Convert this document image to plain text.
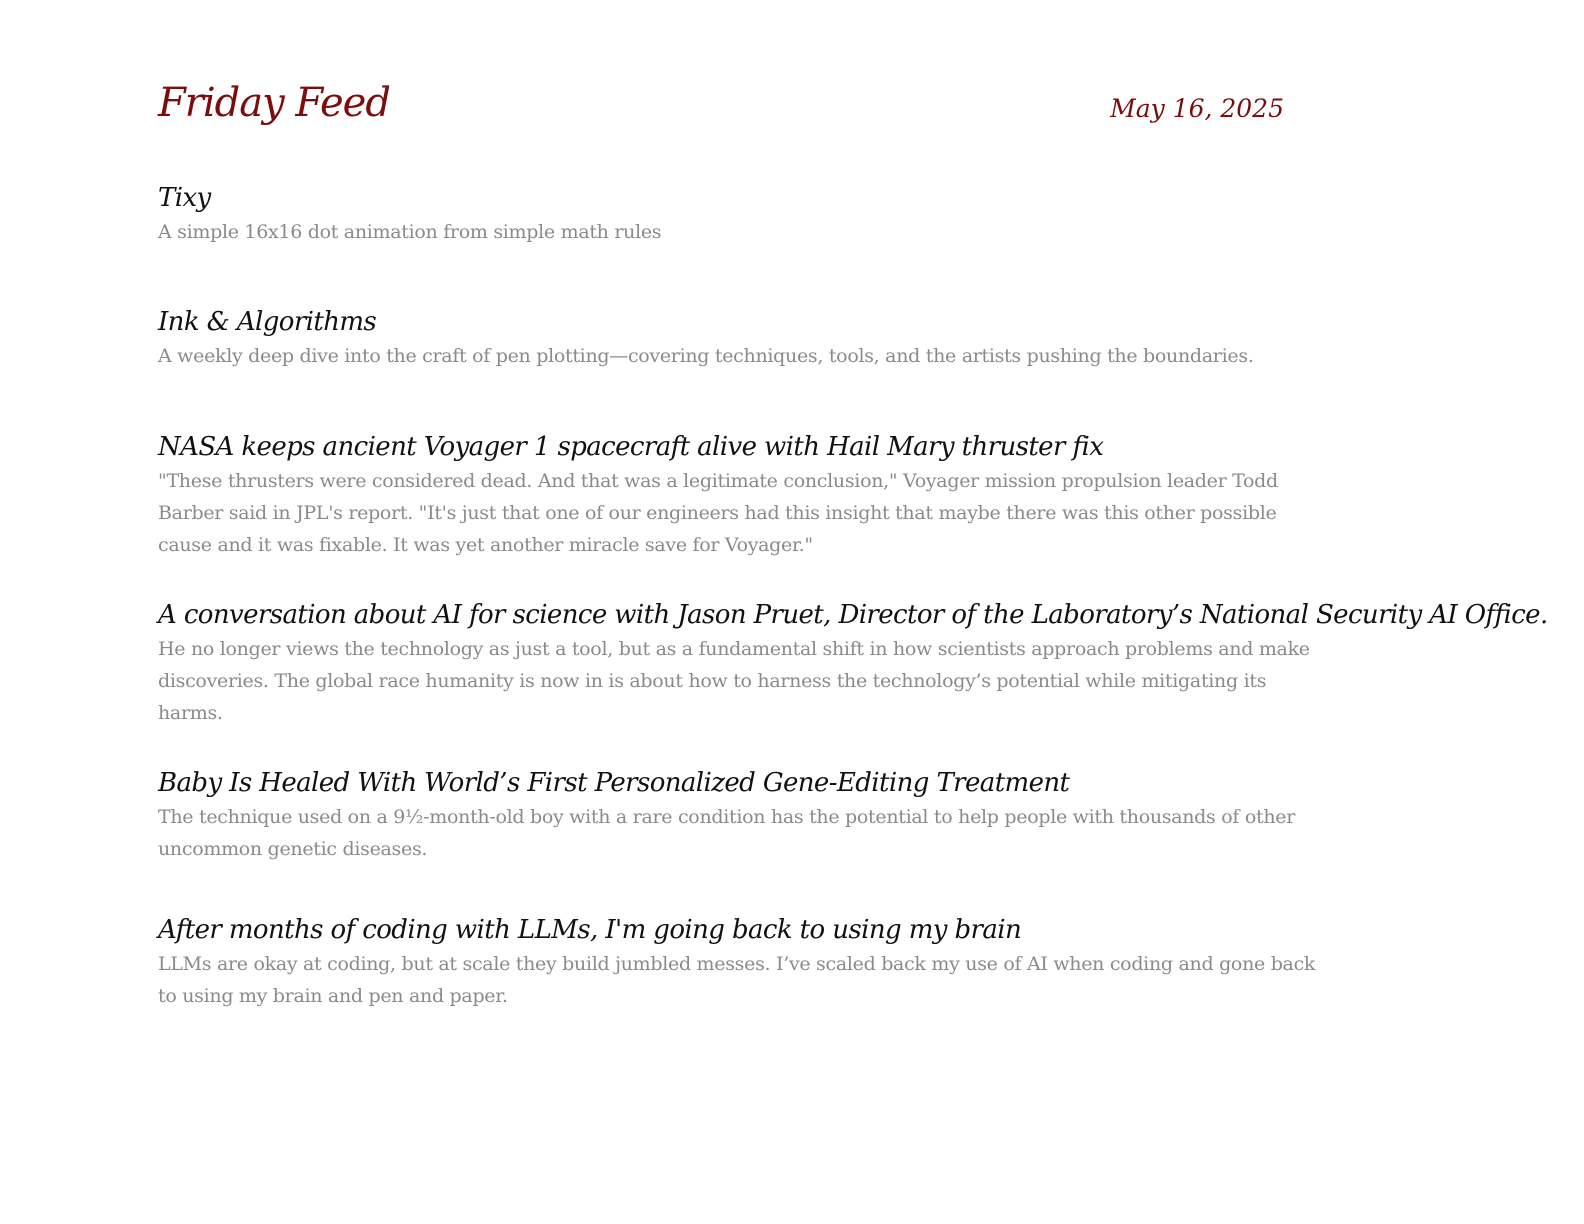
Friday Feed	May 16, 2025
Tixy

A simple 16x16 dot animation from simple math rules

Ink & Algorithms

A weekly deep dive into the craft of pen plotting—covering techniques, tools, and the artists pushing the boundaries.

NASA keeps ancient Voyager 1 spacecraft alive with Hail Mary thruster fix

"These thrusters were considered dead. And that was a legitimate conclusion," Voyager mission propulsion leader Todd Barber said in JPL's report. "It's just that one of our engineers had this insight that maybe there was this other possible cause and it was fixable. It was yet another miracle save for Voyager."

A conversation about AI for science with Jason Pruet, Director of the Laboratory’s National Security AI Office.

He no longer views the technology as just a tool, but as a fundamental shift in how scientists approach problems and make discoveries. The global race humanity is now in is about how to harness the technology’s potential while mitigating its harms.

Baby Is Healed With World’s First Personalized Gene-Editing Treatment

The technique used on a 9½-month-old boy with a rare condition has the potential to help people with thousands of other uncommon genetic diseases.

After months of coding with LLMs, I'm going back to using my brain

LLMs are okay at coding, but at scale they build jumbled messes. I’ve scaled back my use of AI when coding and gone back to using my brain and pen and paper.
